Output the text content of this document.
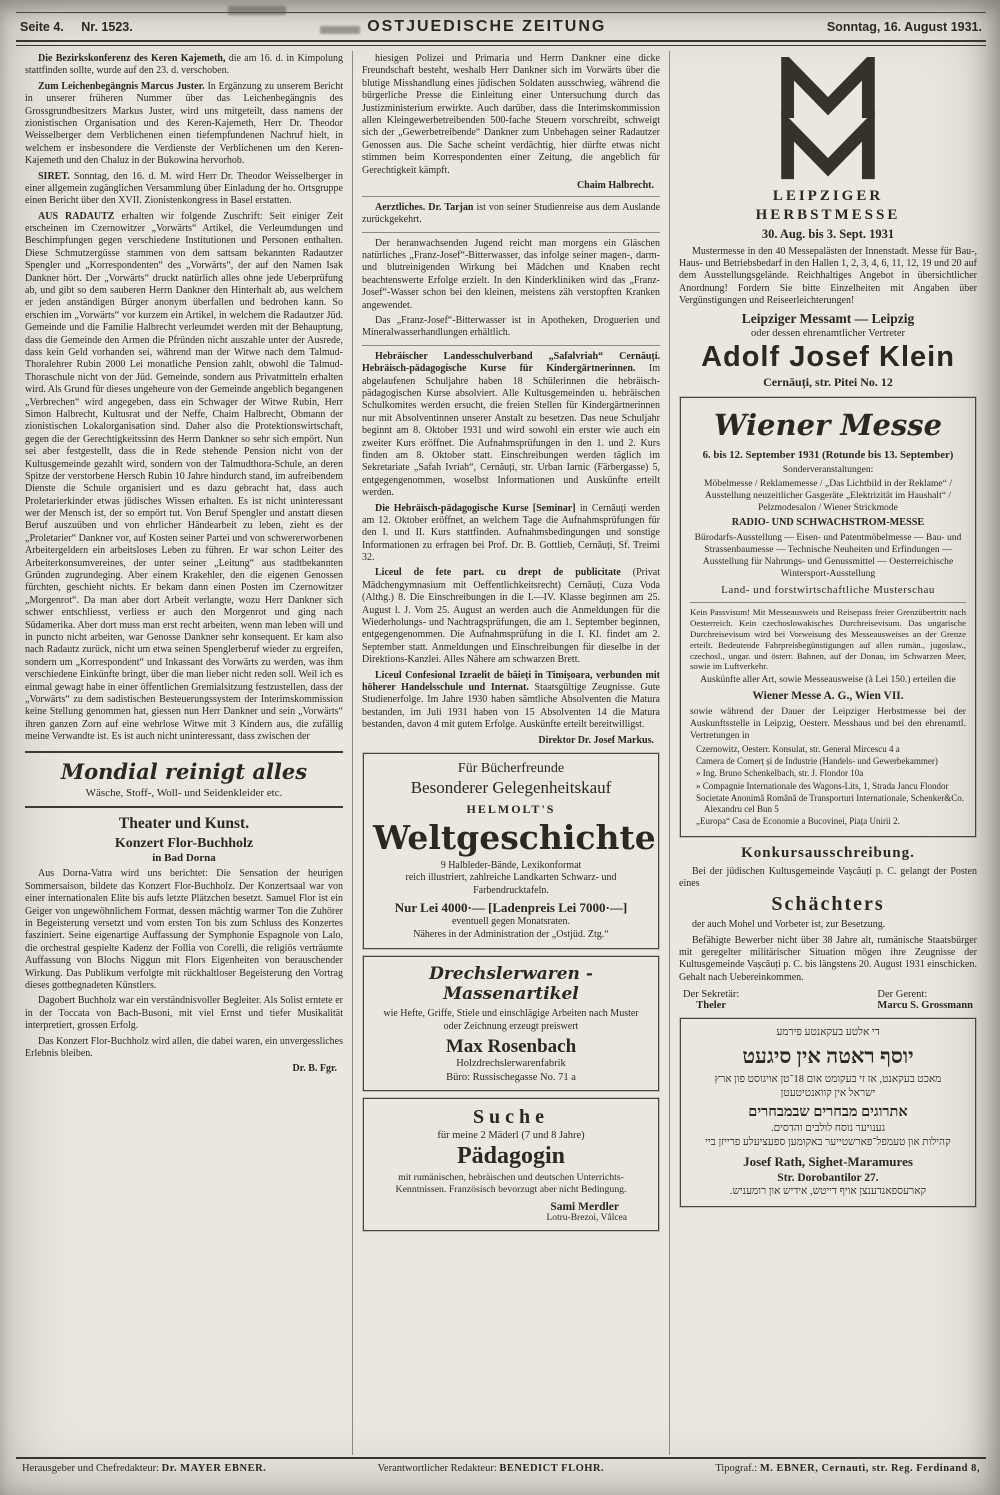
Seite 4. Nr. 1523.	OSTJUEDISCHE ZEITUNG	Sonntag, 16. August 1931.

Die Bezirkskonferenz des Keren Kajemeth, die am 16. d. in Kimpolung stattfinden sollte, wurde auf den 23. d. verschoben.

Zum Leichenbegängnis Marcus Juster. In Ergänzung zu unserem Bericht in unserer früheren Nummer über das Leichenbegängnis des Grossgrundbesitzers Markus Juster, wird uns mitgeteilt, dass namens der zionistischen Organisation und des Keren-Kajemeth, Herr Dr. Theodor Weisselberger dem Verblichenen einen tiefempfundenen Nachruf hielt, in welchem er insbesondere die Verdienste der Verblichenen um den Keren-Kajemeth und den Chaluz in der Bukowina hervorhob.

SIRET. Sonntag, den 16. d. M. wird Herr Dr. Theodor Weisselberger in einer allgemein zugänglichen Versammlung über Einladung der ho. Ortsgruppe einen Bericht über den XVII. Zionistenkongress in Basel erstatten.

AUS RADAUTZ erhalten wir folgende Zuschrift: Seit einiger Zeit erscheinen im Czernowitzer „Vorwärts“ Artikel, die Verleumdungen und Beschimpfungen gegen verschiedene Institutionen und Personen enthalten. Diese Schmutzergüsse stammen von dem sattsam bekannten Radautzer Spengler und „Korrespondenten“ des „Vorwärts“, der auf den Namen Isak Dankner hört. Der „Vorwärts“ druckt natürlich alles ohne jede Ueberprüfung ab, und gibt so dem sauberen Herrn Dankner den Hinterhalt ab, aus welchem er jeden anständigen Bürger anonym überfallen und bedrohen kann. So erschien im „Vorwärts“ vor kurzem ein Artikel, in welchem die Radautzer Jüd. Gemeinde und die Familie Halbrecht verleumdet werden mit der Behauptung, dass die Gemeinde den Armen die Pfründen nicht auszahle unter der Ausrede, dass kein Geld vorhanden sei, während man der Witwe nach dem Talmud-Thoralehrer Rubin 2000 Lei monatliche Pension zahlt, obwohl die Talmud-Thoraschule nicht von der Jüd. Gemeinde, sondern aus Privatmitteln erhalten wird. Als Grund für dieses ungeheure von der Gemeinde angeblich begangenen „Verbrechen“ wird angegeben, dass ein Schwager der Witwe Rubin, Herr Simon Halbrecht, Kultusrat und der Neffe, Chaim Halbrecht, Obmann der zionistischen Lokalorganisation sind. Daher also die Protektionswirtschaft, gegen die der Gerechtigkeitssinn des Herrn Dankner so sehr sich empört. Nun sei aber festgestellt, dass die in Rede stehende Pension nicht von der Kultusgemeinde gezahlt wird, sondern von der Talmudthora-Schule, an deren Spitze der verstorbene Hersch Rubin 10 Jahre hindurch stand, im aufreibendem Dienste die Schule organisiert und es dazu gebracht hat, dass auch Proletarierkinder etwas jüdisches Wissen erhalten. Es ist nicht uninteressant wer der Mensch ist, der so empört tut. Von Beruf Spengler und anstatt diesen Beruf auszuüben und von ehrlicher Händearbeit zu leben, zieht es der „Proletarier“ Dankner vor, auf Kosten seiner Partei und von schwererworbenen Arbeitergeldern ein arbeitsloses Leben zu führen. Er war schon Leiter des Arbeiterkonsumvereines, der unter seiner „Leitung“ aus stadtbekannten Gründen zugrundeging. Aber einem Krakehler, den die eigenen Genossen fürchten, geschieht nichts. Er bekam dann einen Posten im Czernowitzer „Morgenrot“. Da man aber dort Arbeit verlangte, wozu Herr Dankner sich schwer entschliesst, verliess er auch den Morgenrot und ging nach Südamerika. Aber dort muss man erst recht arbeiten, wenn man leben will und in puncto nicht arbeiten, war Genosse Dankner sehr konsequent. Er kam also nach Radautz zurück, nicht um etwa seinen Spenglerberuf wieder zu ergreifen, sondern um „Korrespondent“ und Inkassant des Vorwärts zu werden, was ihm verschiedene Einkünfte bringt, über die man lieber nicht reden soll. Weil ich es einmal gewagt habe in einer öffentlichen Gremialsitzung festzustellen, dass der „Vorwärts“ zu dem sadistischen Besteuerungssystem der Interimskommission keine Stellung genommen hat, giessen nun Herr Dankner und sein „Vorwärts“ ihren ganzen Zorn auf eine wehrlose Witwe mit 3 Kindern aus, die zufällig meine Verwandte ist. Es ist auch nicht uninteressant, dass zwischen der

Mondial reinigt alles
Wäsche, Stoff-, Woll- und Seidenkleider etc.
Theater und Kunst.
Konzert Flor-Buchholz
in Bad Dorna

Aus Dorna-Vatra wird uns berichtet: Die Sensation der heurigen Sommersaison, bildete das Konzert Flor-Buchholz. Der Konzertsaal war von einer internationalen Elite bis aufs letzte Plätzchen besetzt. Samuel Flor ist ein Geiger von ungewöhnlichem Format, dessen mächtig warmer Ton die Zuhörer in Begeisterung versetzt und vom ersten Ton bis zum Schluss des Konzertes fasziniert. Seine eigenartige Auffassung der Symphonie Espagnole von Lalo, die orchestral gespielte Kadenz der Follia von Corelli, die religiös verträumte Auffassung von Blochs Niggun mit Flors Eigenheiten von berauschender Wirkung. Das Publikum verfolgte mit rückhaltloser Begeisterung den Vortrag dieses gottbegnadeten Künstlers.

Dagobert Buchholz war ein verständnisvoller Begleiter. Als Solist erntete er in der Toccata von Bach-Busoni, mit viel Ernst und tiefer Musikalität interpretiert, grossen Erfolg.

Das Konzert Flor-Buchholz wird allen, die dabei waren, ein unvergessliches Erlebnis bleiben.

Dr. B. Fgr.

hiesigen Polizei und Primaria und Herrn Dankner eine dicke Freundschaft besteht, weshalb Herr Dankner sich im Vorwärts über die blutige Misshandlung eines jüdischen Soldaten ausschwieg, während die bürgerliche Presse die Einleitung einer Untersuchung durch das Justizministerium erwirkte. Auch darüber, dass die Interimskommission allen Kleingewerbetreibenden 500-fache Steuern vorschreibt, schweigt sich der „Gewerbetreibende“ Dankner zum Unbehagen seiner Radautzer Genossen aus. Die Sache scheint verdächtig, hier dürfte etwas nicht stimmen beim Korrespondenten einer Zeitung, die angeblich für Gerechtigkeit kämpft.

Chaim Halbrecht.

Aerztliches. Dr. Tarjan ist von seiner Studienreise aus dem Auslande zurückgekehrt.

Der heranwachsenden Jugend reicht man morgens ein Gläschen natürliches „Franz-Josef“-Bitterwasser, das infolge seiner magen-, darm- und blutreinigenden Wirkung bei Mädchen und Knaben recht beachtenswerte Erfolge erzielt. In den Kinderkliniken wird das „Franz-Josef“-Wasser schon bei den kleinen, meistens zäh verstopften Kranken angewendet.

Das „Franz-Josef“-Bitterwasser ist in Apotheken, Droguerien und Mineralwasserhandlungen erhältlich.

Hebräischer Landesschulverband „Safalvriah“ Cernăuți. Hebräisch-pädagogische Kurse für Kindergärtnerinnen. Im abgelaufenen Schuljahre haben 18 Schülerinnen die hebräisch-pädagogischen Kurse absolviert. Alle Kultusgemeinden u. hebräischen Schulkomites werden ersucht, die freien Stellen für Kindergärtnerinnen nur mit Absolventinnen unserer Anstalt zu besetzen. Das neue Schuljahr beginnt am 8. Oktober 1931 und wird sowohl ein erster wie auch ein zweiter Kurs eröffnet. Die Aufnahmsprüfungen in den 1. und 2. Kurs finden am 8. Oktober statt. Einschreibungen werden täglich im Sekretariate „Safah Ivriah“, Cernăuți, str. Urban Iarnic (Färbergasse) 5, entgegengenommen, woselbst Informationen und Auskünfte erteilt werden.

Die Hebräisch-pädagogische Kurse [Seminar] in Cernăuți werden am 12. Oktober eröffnet, an welchem Tage die Aufnahmsprüfungen für den I. und II. Kurs stattfinden. Aufnahmsbedingungen und sonstige Informationen zu erfragen bei Prof. Dr. B. Gottlieb, Cernăuți, Sf. Treimi 32.

Liceul de fete part. cu drept de publicitate (Privat Mädchengymnasium mit Oeffentlichkeitsrecht) Cernăuți, Cuza Voda (Althg.) 8. Die Einschreibungen in die I.—IV. Klasse beginnen am 25. August l. J. Vom 25. August an werden auch die Anmeldungen für die Wiederholungs- und Nachtragsprüfungen, die am 1. September beginnen, entgegengenommen. Die Aufnahmsprüfung in die I. Kl. findet am 2. September statt. Anmeldungen und Einschreibungen für dieselbe in der Direktions-Kanzlei. Alles Nähere am schwarzen Brett.

Liceul Confesional Izraelit de băieți în Timișoara, verbunden mit höherer Handelsschule und Internat. Staatsgültige Zeugnisse. Gute Studienerfolge. Im Jahre 1930 haben sämtliche Absolventen die Matura bestanden, im Juli 1931 haben von 15 Absolventen 14 die Matura bestanden, davon 4 mit gutem Erfolge. Auskünfte erteilt bereitwilligst.

Direktor Dr. Josef Markus.
Für Bücherfreunde
Besonderer Gelegenheitskauf
HELMOLT'S
Weltgeschichte
9 Halbleder-Bände, Lexikonformat
reich illustriert, zahlreiche Landkarten Schwarz- und Farbendrucktafeln.
Nur Lei 4000·— [Ladenpreis Lei 7000·—]
eventuell gegen Monatsraten.
Näheres in der Administration der „Ostjüd. Ztg.“
Drechslerwaren - Massenartikel
wie Hefte, Griffe, Stiele und einschlägige Arbeiten nach Muster oder Zeichnung erzeugt preiswert
Max Rosenbach
Holzdrechslerwarenfabrik
Büro: Russischegasse No. 71 a
Suche
für meine 2 Mäderl (7 und 8 Jahre)
Pädagogin
mit rumänischen, hebräischen und deutschen Unterrichts-Kenntnissen. Französisch bevorzugt aber nicht Bedingung.
Sami Merdler
Lotru-Brezoi, Vâlcea
LEIPZIGER
HERBSTMESSE
30. Aug. bis 3. Sept. 1931

Mustermesse in den 40 Messepalästen der Innenstadt. Messe für Bau-, Haus- und Betriebsbedarf in den Hallen 1, 2, 3, 4, 6, 11, 12, 19 und 20 auf dem Ausstellungsgelände. Reichhaltiges Angebot in übersichtlicher Anordnung! Fordern Sie bitte Einzelheiten mit Angaben über Vergünstigungen und Reiseerleichterungen!

Leipziger Messamt — Leipzig
oder dessen ehrenamtlicher Vertreter
Adolf Josef Klein
Cernăuți, str. Pitei No. 12
Wiener Messe
6. bis 12. September 1931 (Rotunde bis 13. September)
Sonderveranstaltungen:
Möbelmesse / Reklamemesse / „Das Lichtbild in der Reklame“ / Ausstellung neuzeitlicher Gasgeräte „Elektrizität im Haushalt“ / Pelzmodesalon / Wiener Strickmode
RADIO- UND SCHWACHSTROM-MESSE
Bürodarfs-Ausstellung — Eisen- und Patentmöbelmesse — Bau- und Strassenbaumesse — Technische Neuheiten und Erfindungen — Ausstellung für Nahrungs- und Genussmittel — Oesterreichische Wintersport-Ausstellung
Land- und forstwirtschaftliche Musterschau
Kein Passvisum! Mit Messeausweis und Reisepass freier Grenzübertritt nach Oesterreich. Kein czechoslowakisches Durchreisevisum. Das ungarische Durchreisevisum wird bei Vorweisung des Messeausweises an der Grenze erteilt. Bedeutende Fahrpreisbegünstigungen auf allen rumän., jugoslaw., czechosl., ungar. und österr. Bahnen, auf der Donau, im Schwarzen Meer, sowie im Luftverkehr.
Auskünfte aller Art, sowie Messeausweise (à Lei 150.) erteilen die
Wiener Messe A. G., Wien VII.
sowie während der Dauer der Leipziger Herbstmesse bei der Auskunftsstelle in Leipzig, Oesterr. Messhaus und bei den ehrenamtl. Vertretungen in
Czernowitz, Oesterr. Konsulat, str. General Mircescu 4 a
Camera de Comerț și de Industrie (Handels- und Gewerbekammer)
» Ing. Bruno Schenkelbach, str. J. Flondor 10a
» Compagnie Internationale des Wagons-Lits, 1, Strada Jancu Flondor
Societate Anonimă Română de Transporturi Internationale, Schenker&Co. Alexandru cel Bun 5
„Europa“ Casa de Economie a Bucovinei, Piața Unirii 2.
Konkursausschreibung.

Bei der jüdischen Kultusgemeinde Vașcăuți p. C. gelangt der Posten eines

Schächters

der auch Mohel und Vorbeter ist, zur Besetzung.

Befähigte Bewerber nicht über 38 Jahre alt, rumänische Staatsbürger mit geregelter militärischer Situation mögen ihre Zeugnisse der Kultusgemeinde Vașcăuți p. C. bis längstens 20. August 1931 einschicken. Gehalt nach Uebereinkommen.

Der Sekretär:
Theler
Der Gerent:
Marcu S. Grossmann
די אלטע בעקאנטע פירמע
יוסף ראטה אין סיגעט
מאכט בעקאנט, אז זי בעקומט אום 18־טן אויגוסט פון ארץ
ישראל אין קוואנטיטעטן
אתרוגים מבחרים שבמבחרים
גענויער נוסח לולבים והדסים.
קהילות און טעמפל־פארשטייער באקומען ספעציעלע פרייזן ביי
Josef Rath, Sighet-Maramures
Str. Dorobantilor 27.
קארעספאנדענצן אויף דייטש, אידיש און רומעניש.
Herausgeber und Chefredakteur: Dr. MAYER EBNER.	Verantwortlicher Redakteur: BENEDICT FLOHR.	Tipograf.: M. EBNER, Cernauti, str. Reg. Ferdinand 8,
